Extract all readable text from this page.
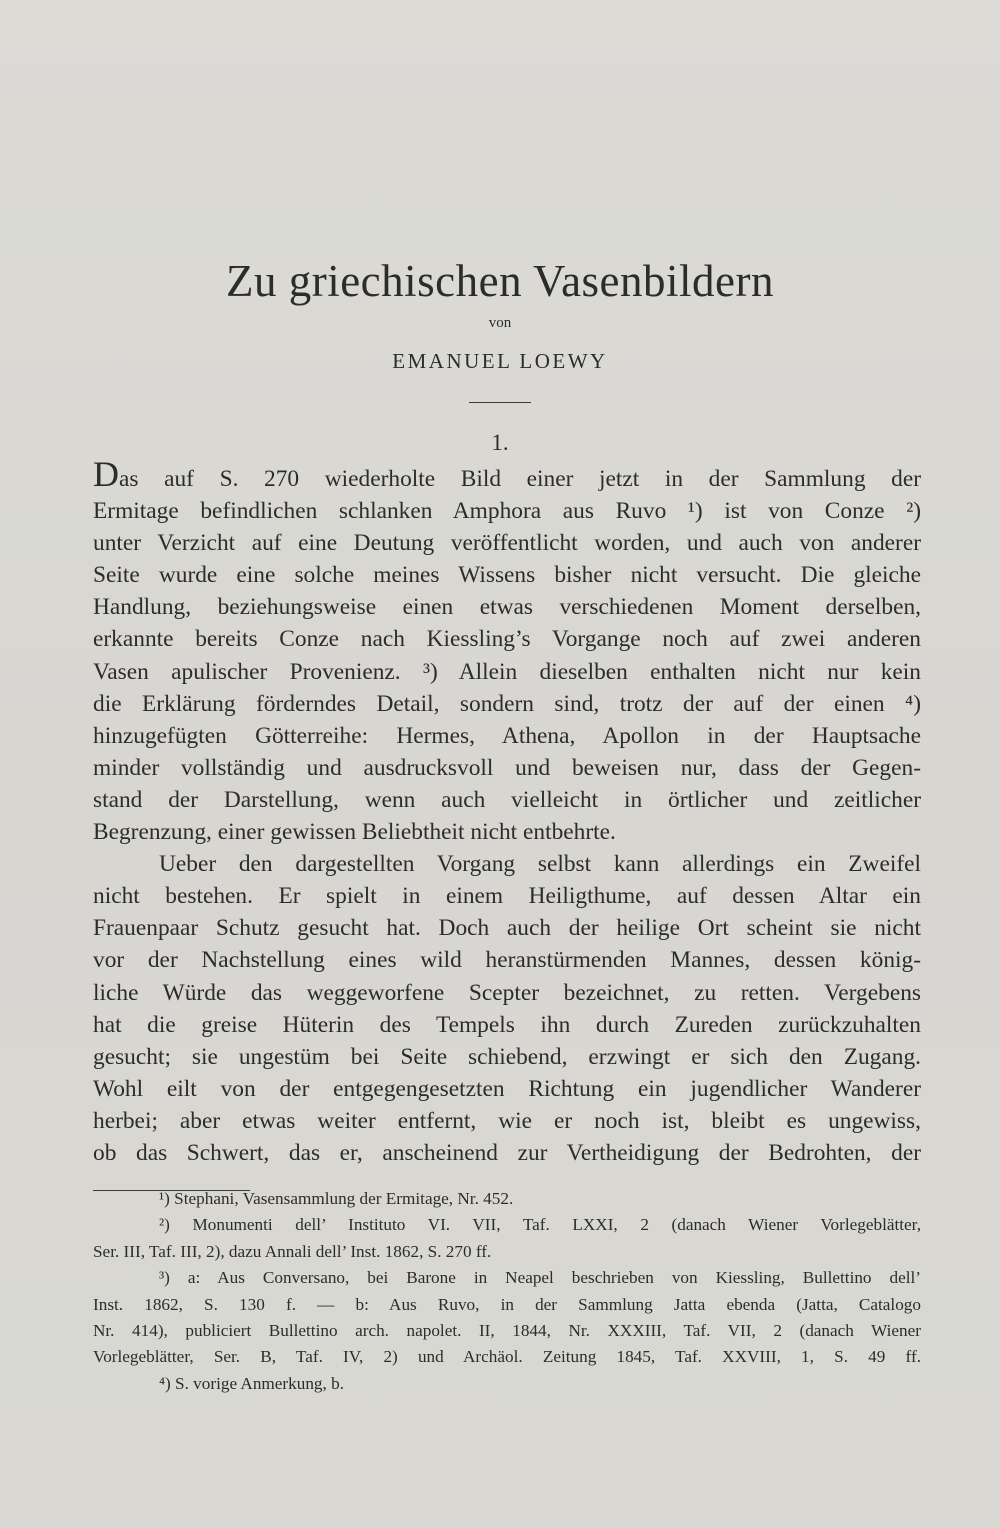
Zu griechischen Vasenbildern
von
EMANUEL LOEWY
1.

Das auf S. 270 wiederholte Bild einer jetzt in der Sammlung der
Ermitage befindlichen schlanken Amphora aus Ruvo ¹) ist von Conze ²)
unter Verzicht auf eine Deutung veröffentlicht worden, und auch von anderer
Seite wurde eine solche meines Wissens bisher nicht versucht. Die gleiche
Handlung, beziehungsweise einen etwas verschiedenen Moment derselben,
erkannte bereits Conze nach Kiessling’s Vorgange noch auf zwei anderen
Vasen apulischer Provenienz. ³) Allein dieselben enthalten nicht nur kein
die Erklärung förderndes Detail, sondern sind, trotz der auf der einen ⁴)
hinzugefügten Götterreihe: Hermes, Athena, Apollon in der Hauptsache
minder vollständig und ausdrucksvoll und beweisen nur, dass der Gegen-
stand der Darstellung, wenn auch vielleicht in örtlicher und zeitlicher
Begrenzung, einer gewissen Beliebtheit nicht entbehrte.
Ueber den dargestellten Vorgang selbst kann allerdings ein Zweifel
nicht bestehen. Er spielt in einem Heiligthume, auf dessen Altar ein
Frauenpaar Schutz gesucht hat. Doch auch der heilige Ort scheint sie nicht
vor der Nachstellung eines wild heranstürmenden Mannes, dessen könig-
liche Würde das weggeworfene Scepter bezeichnet, zu retten. Vergebens
hat die greise Hüterin des Tempels ihn durch Zureden zurückzuhalten
gesucht; sie ungestüm bei Seite schiebend, erzwingt er sich den Zugang.
Wohl eilt von der entgegengesetzten Richtung ein jugendlicher Wanderer
herbei; aber etwas weiter entfernt, wie er noch ist, bleibt es ungewiss,
ob das Schwert, das er, anscheinend zur Vertheidigung der Bedrohten, der

¹) Stephani, Vasensammlung der Ermitage, Nr. 452.
²) Monumenti dell’ Instituto VI. VII, Taf. LXXI, 2 (danach Wiener Vorlegeblätter,
Ser. III, Taf. III, 2), dazu Annali dell’ Inst. 1862, S. 270 ff.
³) a: Aus Conversano, bei Barone in Neapel beschrieben von Kiessling, Bullettino dell’
Inst. 1862, S. 130 f. — b: Aus Ruvo, in der Sammlung Jatta ebenda (Jatta, Catalogo
Nr. 414), publiciert Bullettino arch. napolet. II, 1844, Nr. XXXIII, Taf. VII, 2 (danach Wiener
Vorlegeblätter, Ser. B, Taf. IV, 2) und Archäol. Zeitung 1845, Taf. XXVIII, 1, S. 49 ff.
⁴) S. vorige Anmerkung, b.
